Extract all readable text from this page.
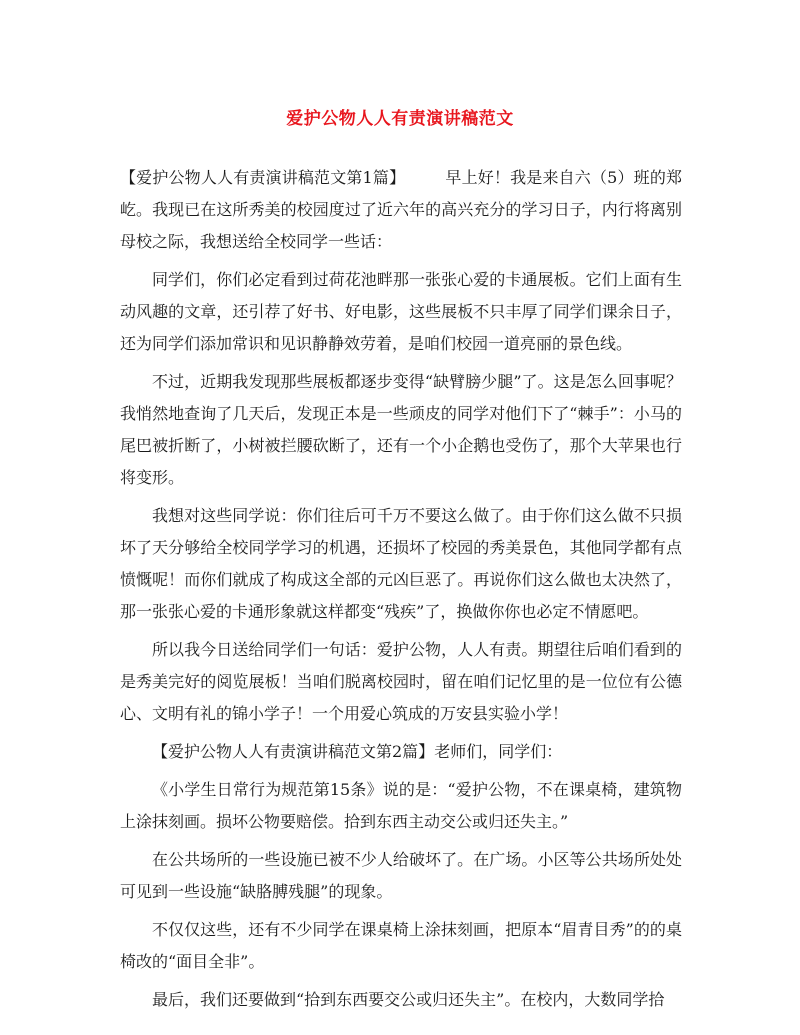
爱护公物人人有责演讲稿范文

【爱护公物人人有责演讲稿范文第1篇】	早上好！我是来自六（5）班的郑屹。我现已在这所秀美的校园度过了近六年的高兴充分的学习日子，内行将离别母校之际，我想送给全校同学一些话：

同学们，你们必定看到过荷花池畔那一张张心爱的卡通展板。它们上面有生动风趣的文章，还引荐了好书、好电影，这些展板不只丰厚了同学们课余日子，还为同学们添加常识和见识静静效劳着，是咱们校园一道亮丽的景色线。

不过，近期我发现那些展板都逐步变得“缺臂膀少腿”了。这是怎么回事呢？我悄然地查询了几天后，发现正本是一些顽皮的同学对他们下了“棘手”：小马的尾巴被折断了，小树被拦腰砍断了，还有一个小企鹅也受伤了，那个大苹果也行将变形。

我想对这些同学说：你们往后可千万不要这么做了。由于你们这么做不只损坏了天分够给全校同学学习的机遇，还损坏了校园的秀美景色，其他同学都有点愤慨呢！而你们就成了构成这全部的元凶巨恶了。再说你们这么做也太决然了，那一张张心爱的卡通形象就这样都变“残疾”了，换做你你也必定不情愿吧。

所以我今日送给同学们一句话：爱护公物，人人有责。期望往后咱们看到的是秀美完好的阅览展板！当咱们脱离校园时，留在咱们记忆里的是一位位有公德心、文明有礼的锦小学子！一个用爱心筑成的万安县实验小学！

【爱护公物人人有责演讲稿范文第2篇】老师们，同学们：

《小学生日常行为规范第15条》说的是：“爱护公物，不在课桌椅，建筑物上涂抹刻画。损坏公物要赔偿。拾到东西主动交公或归还失主。”

在公共场所的一些设施已被不少人给破坏了。在广场。小区等公共场所处处可见到一些设施“缺胳膊残腿”的现象。

不仅仅这些，还有不少同学在课桌椅上涂抹刻画，把原本“眉青目秀”的的桌椅改的“面目全非”。

最后，我们还要做到“拾到东西要交公或归还失主”。在校内，大数同学拾
